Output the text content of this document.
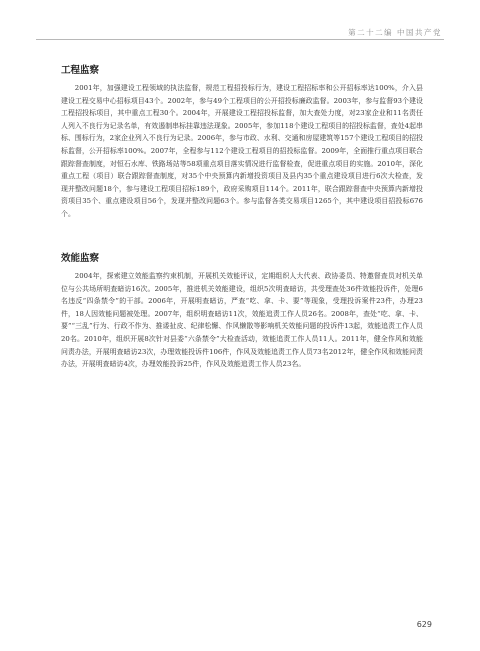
第二十二编 中国共产党
工程监察

2001年，加强建设工程领域的执法监督，规范工程招投标行为，建设工程招标率和公开招标率达100%，介入县建设工程交易中心招标项目43个。2002年，参与49个工程项目的公开招投标廉政监督。2003年，参与监督93个建设工程招投标项目，其中重点工程30个。2004年，开展建设工程招投标监督，加大查处力度，对23家企业和11名责任人列入不良行为记录名单，有效遏制串标挂靠违法现象。2005年，参加118个建设工程项目的招投标监督，查处4起串标、围标行为，2家企业列入不良行为记录。2006年，参与市政、水利、交通和房屋建筑等157个建设工程项目的招投标监督，公开招标率100%。2007年，全程参与112个建设工程项目的招投标监督。2009年，全面推行重点项目联合跟踪督查制度，对恒石水库、铁路场站等58项重点项目落实情况进行监督检查，促进重点项目的实施。2010年，深化重点工程（项目）联合跟踪督查制度，对35个中央预算内新增投资项目及县内35个重点建设项目进行6次大检查，发现并整改问题18个，参与建设工程项目招标189个，政府采购项目114个。2011年，联合跟踪督查中央预算内新增投资项目35个、重点建设项目56个，发现并整改问题63个。参与监督各类交易项目1265个，其中建设项目招投标676个。

效能监察

2004年，探索建立效能监察约束机制，开展机关效能评议，定期组织人大代表、政协委员、特邀督查员对机关单位与公共场所明查暗访16次。2005年，推进机关效能建设，组织5次明查暗访，共受理查处36件效能投诉件，处理6名违反“四条禁令”的干部。2006年，开展明查暗访，严查“吃、拿、卡、要”等现象，受理投诉案件23件，办理23件，18人因效能问题被处理。2007年，组织明查暗访11次，效能追责工作人员26名。2008年，查处“吃、拿、卡、要”“三乱”行为、行政不作为、推诿扯皮、纪律松懈、作风懒散等影响机关效能问题的投诉件13起，效能追责工作人员20名。2010年，组织开展8次针对县委“六条禁令”大检查活动，效能追责工作人员11人。2011年，健全作风和效能问责办法，开展明查暗访23次，办理效能投诉件106件，作风及效能追责工作人员73名2012年，健全作风和效能问责办法，开展明查暗访4次，办理效能投诉25件，作风及效能追责工作人员23名。

629
